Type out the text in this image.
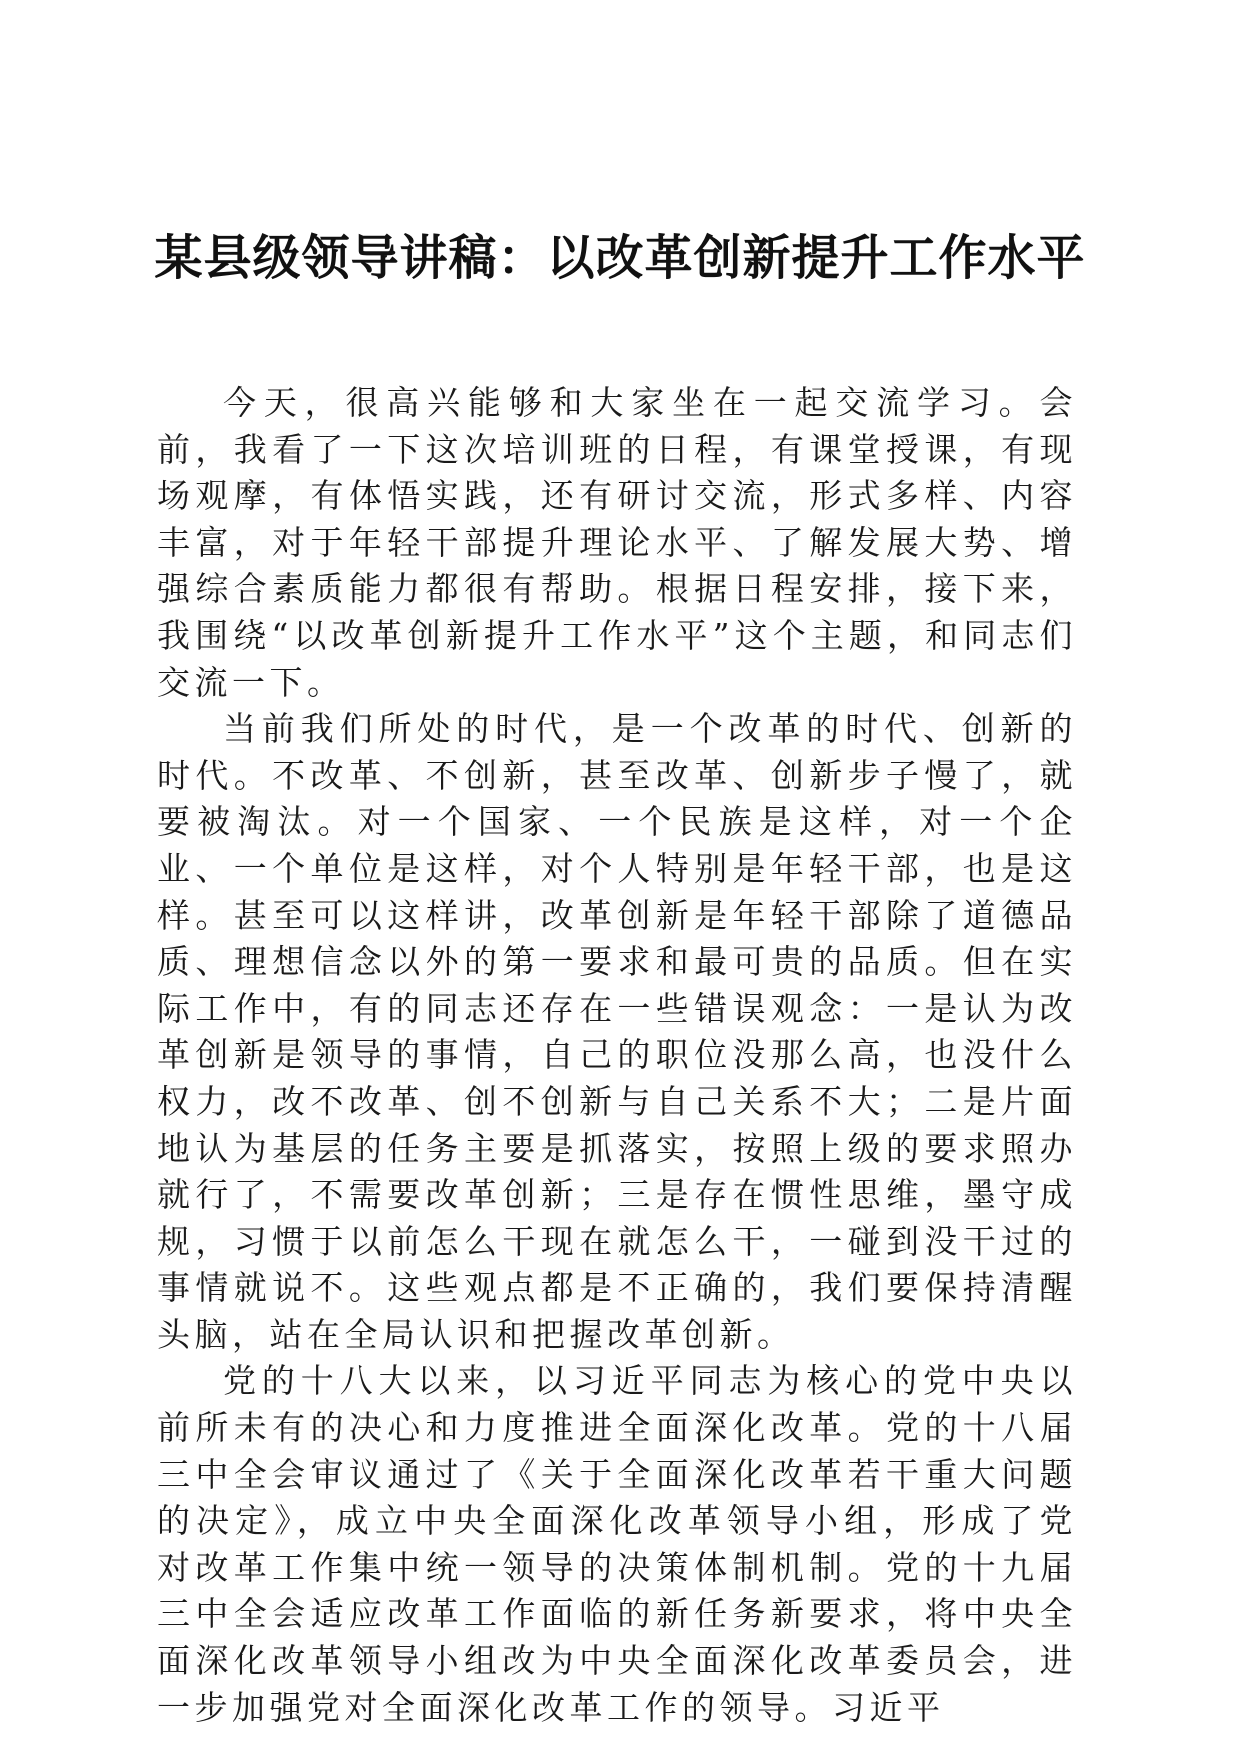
某县级领导讲稿：以改革创新提升工作水平

今天，很高兴能够和大家坐在一起交流学习。会前，我看了一下这次培训班的日程，有课堂授课，有现场观摩，有体悟实践，还有研讨交流，形式多样、内容丰富，对于年轻干部提升理论水平、了解发展大势、增强综合素质能力都很有帮助。根据日程安排，接下来，我围绕“以改革创新提升工作水平”这个主题，和同志们交流一下。

当前我们所处的时代，是一个改革的时代、创新的时代。不改革、不创新，甚至改革、创新步子慢了，就要被淘汰。对一个国家、一个民族是这样，对一个企业、一个单位是这样，对个人特别是年轻干部，也是这样。甚至可以这样讲，改革创新是年轻干部除了道德品质、理想信念以外的第一要求和最可贵的品质。但在实际工作中，有的同志还存在一些错误观念：一是认为改革创新是领导的事情，自己的职位没那么高，也没什么权力，改不改革、创不创新与自己关系不大；二是片面地认为基层的任务主要是抓落实，按照上级的要求照办就行了，不需要改革创新；三是存在惯性思维，墨守成规，习惯于以前怎么干现在就怎么干，一碰到没干过的事情就说不。这些观点都是不正确的，我们要保持清醒头脑，站在全局认识和把握改革创新。

党的十八大以来，以习近平同志为核心的党中央以前所未有的决心和力度推进全面深化改革。党的十八届三中全会审议通过了《关于全面深化改革若干重大问题的决定》，成立中央全面深化改革领导小组，形成了党对改革工作集中统一领导的决策体制机制。党的十九届三中全会适应改革工作面临的新任务新要求，将中央全面深化改革领导小组改为中央全面深化改革委员会，进一步加强党对全面深化改革工作的领导。习近平
